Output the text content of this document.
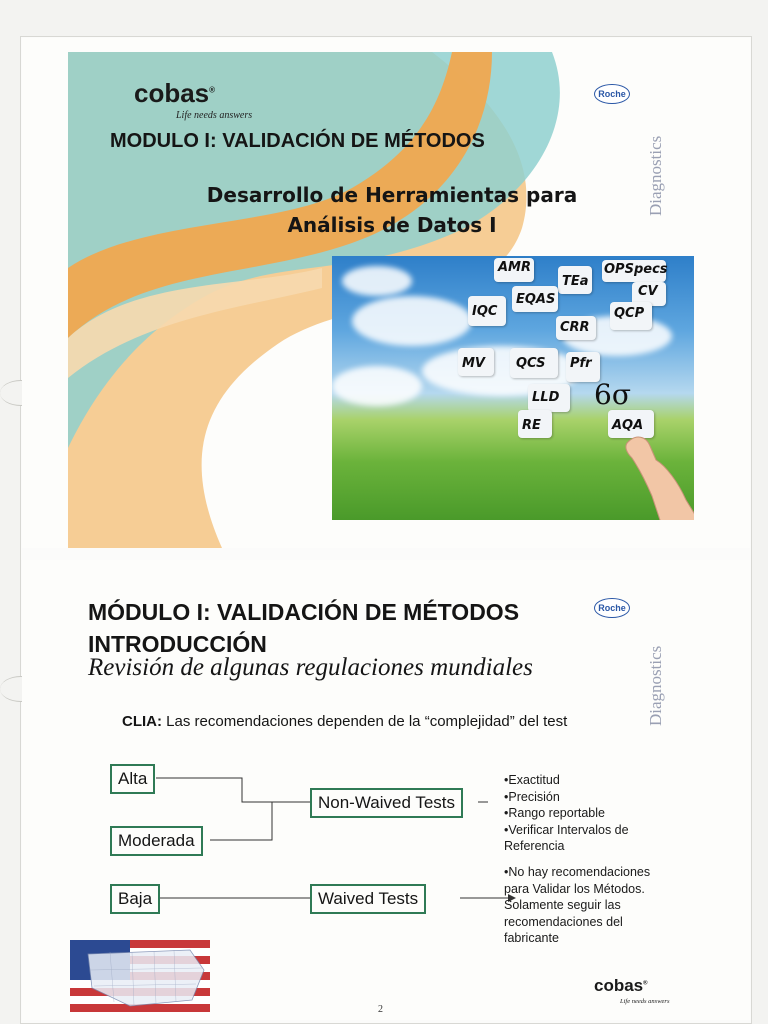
cobas®
Life needs answers
Roche
Diagnostics
MODULO I: VALIDACIÓN DE MÉTODOS
Desarrollo de Herramientas para
Análisis de Datos I
AMR
TEa
OPSpecs
CV
EQAS
IQC	QCP
CRR
MV QCS Pfr
LLD 6σ
RE	AQA
MÓDULO I: VALIDACIÓN DE MÉTODOS
INTRODUCCIÓN
Roche
Diagnostics
Revisión de algunas regulaciones mundiales
CLIA: Las recomendaciones dependen de la “complejidad” del test
Alta
Moderada
Baja
Non-Waived Tests
Waived Tests
•Exactitud
•Precisión
•Rango reportable
•Verificar Intervalos de
Referencia
•No hay recomendaciones
para Validar los Métodos.
Solamente seguir las
recomendaciones del
fabricante
cobas®
Life needs answers
2
